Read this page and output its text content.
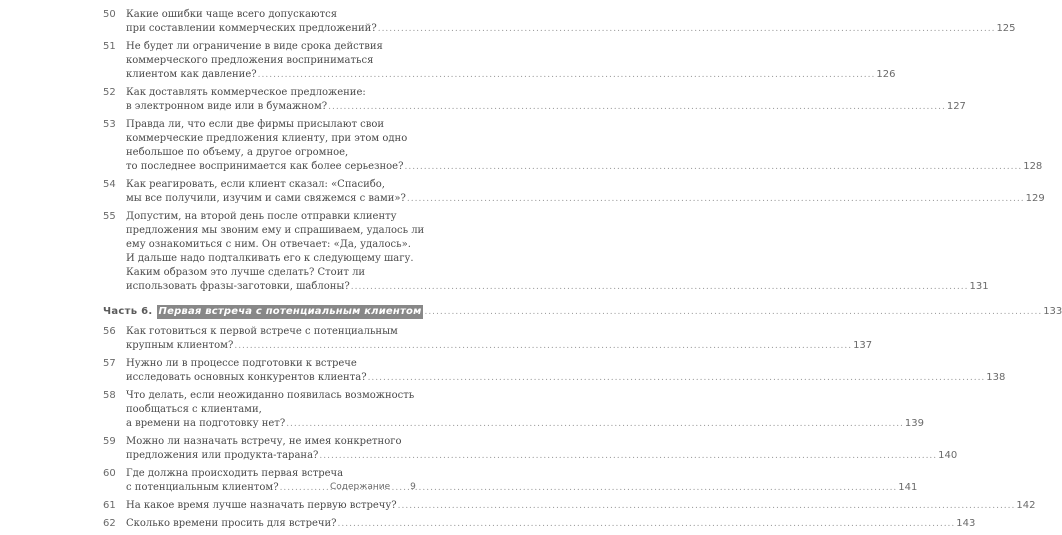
50	Какие ошибки чаще всего допускаются
при составлении коммерческих предложений? .....	125
51	Не будет ли ограничение в виде срока действия
коммерческого предложения восприниматься
клиентом как давление? .....	126
52	Как доставлять коммерческое предложение:
в электронном виде или в бумажном? .....	127
53	Правда ли, что если две фирмы присылают свои
коммерческие предложения клиенту, при этом одно
небольшое по объему, а другое огромное,
то последнее воспринимается как более серьезное? .....	128
54	Как реагировать, если клиент сказал: «Спасибо,
мы все получили, изучим и сами свяжемся с вами»? .....	129
55	Допустим, на второй день после отправки клиенту
предложения мы звоним ему и спрашиваем, удалось ли
ему ознакомиться с ним. Он отвечает: «Да, удалось».
И дальше надо подталкивать его к следующему шагу.
Каким образом это лучше сделать? Стоит ли
использовать фразы-заготовки, шаблоны? .....	131
Часть 6. Первая встреча с потенциальным клиентом .....	133
56	Как готовиться к первой встрече с потенциальным
крупным клиентом? .....	137
57	Нужно ли в процессе подготовки к встрече
исследовать основных конкурентов клиента? .....	138
58	Что делать, если неожиданно появилась возможность
пообщаться с клиентами,
а времени на подготовку нет? .....	139
59	Можно ли назначать встречу, не имея конкретного
предложения или продукта-тарана? .....	140
60	Где должна происходить первая встреча
с потенциальным клиентом? .....	141
61	На какое время лучше назначать первую встречу? .....	142
62	Сколько времени просить для встречи? .....	143
Содержание 9
